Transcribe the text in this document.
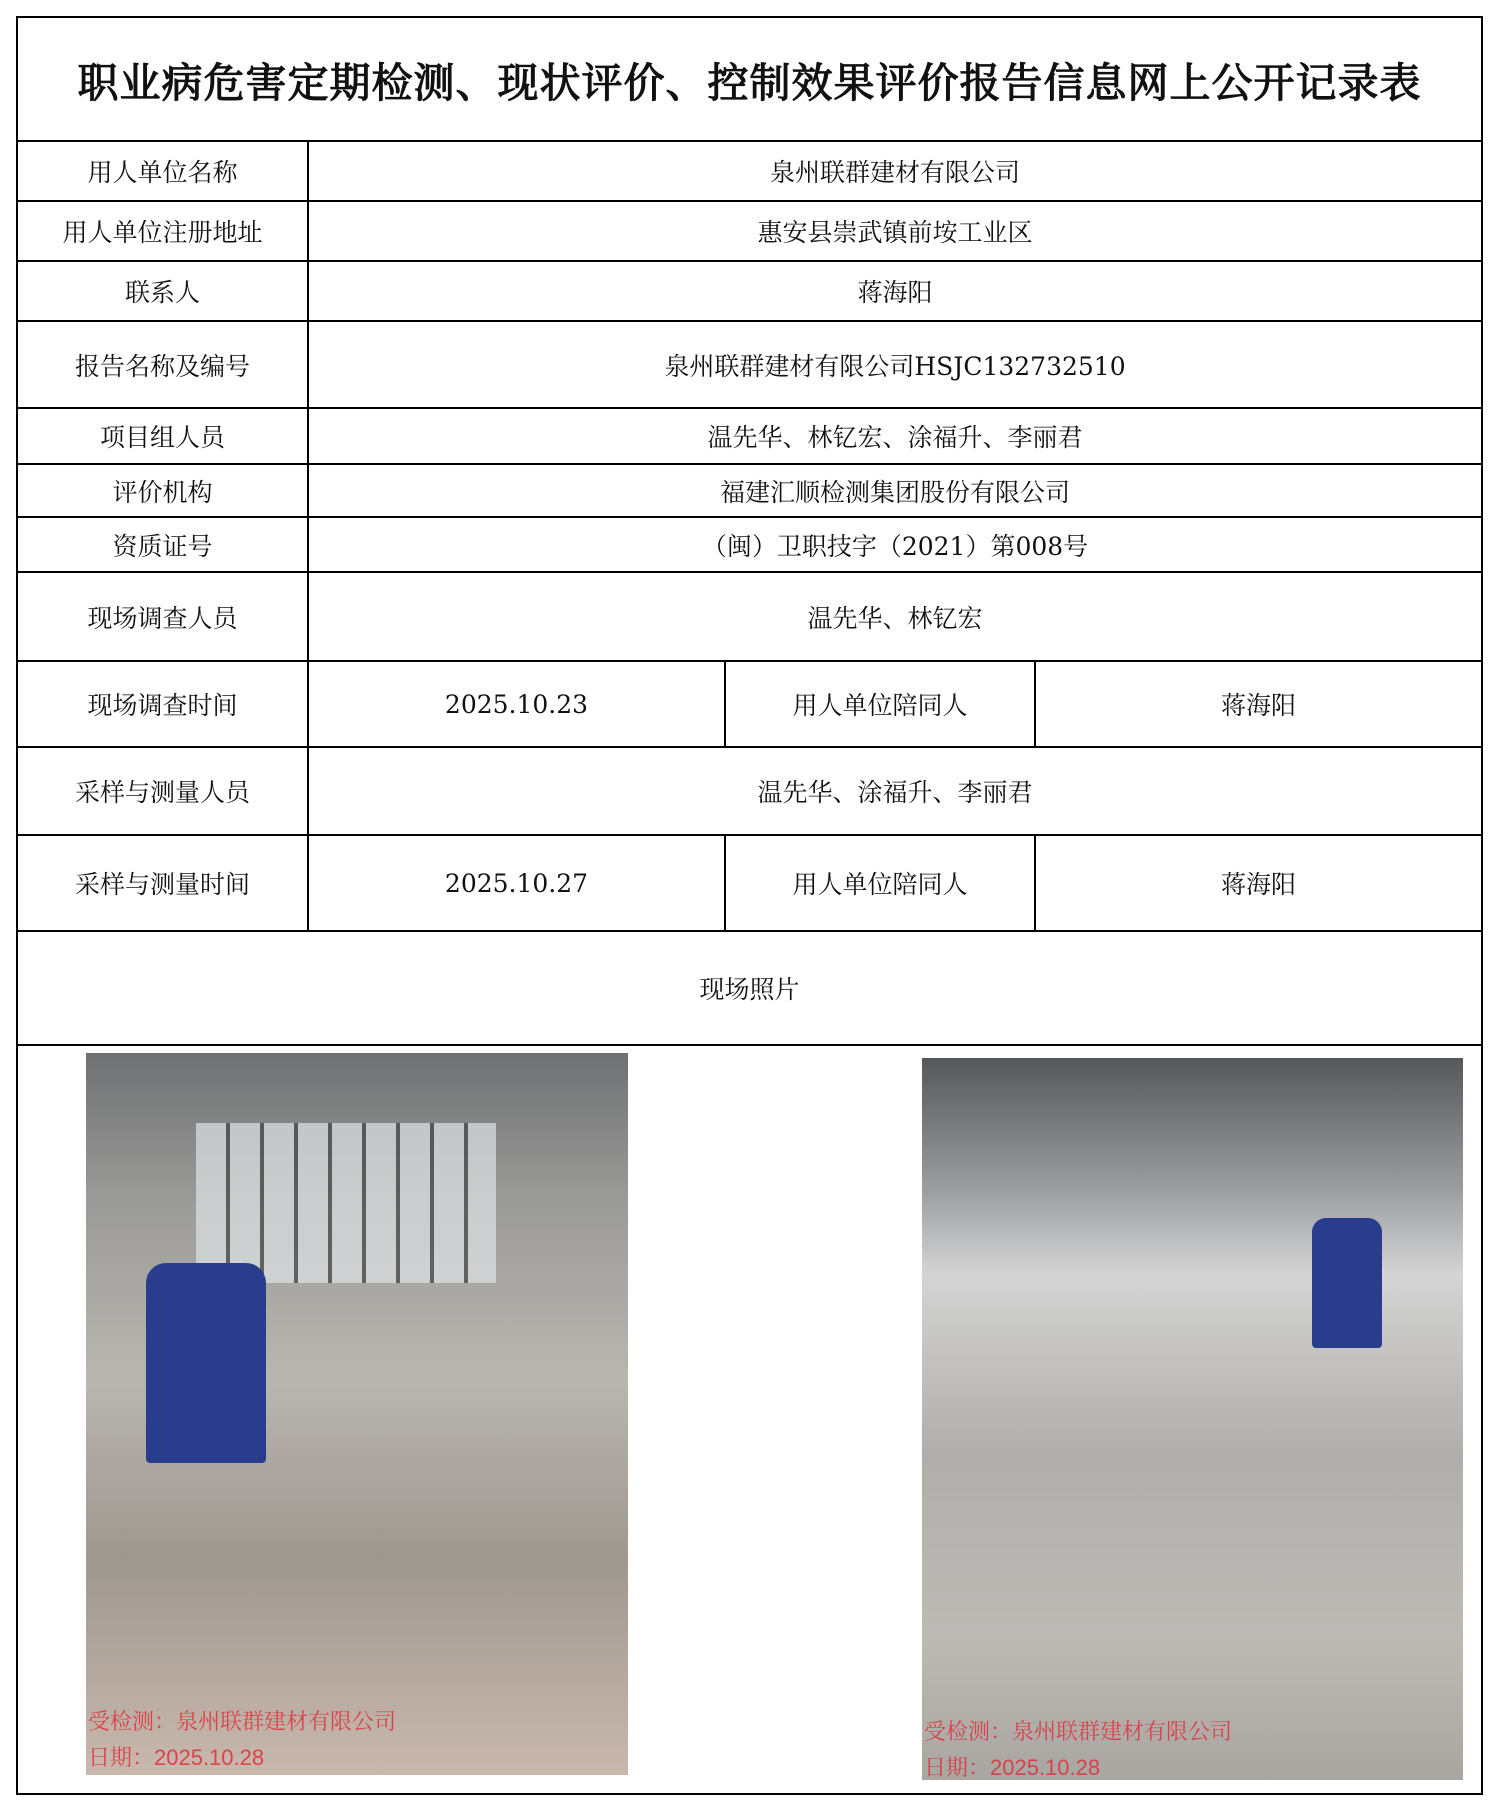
职业病危害定期检测、现状评价、控制效果评价报告信息网上公开记录表
用人单位名称	泉州联群建材有限公司
用人单位注册地址	惠安县崇武镇前垵工业区
联系人	蒋海阳
报告名称及编号	泉州联群建材有限公司HSJC132732510
项目组人员	温先华、林钇宏、涂福升、李丽君
评价机构	福建汇顺检测集团股份有限公司
资质证号	（闽）卫职技字（2021）第008号
现场调查人员	温先华、林钇宏
现场调查时间	2025.10.23	用人单位陪同人	蒋海阳
采样与测量人员	温先华、涂福升、李丽君
采样与测量时间	2025.10.27	用人单位陪同人	蒋海阳
现场照片
受检测：泉州联群建材有限公司
日期：2025.10.28
受检测：泉州联群建材有限公司
日期：2025.10.28
